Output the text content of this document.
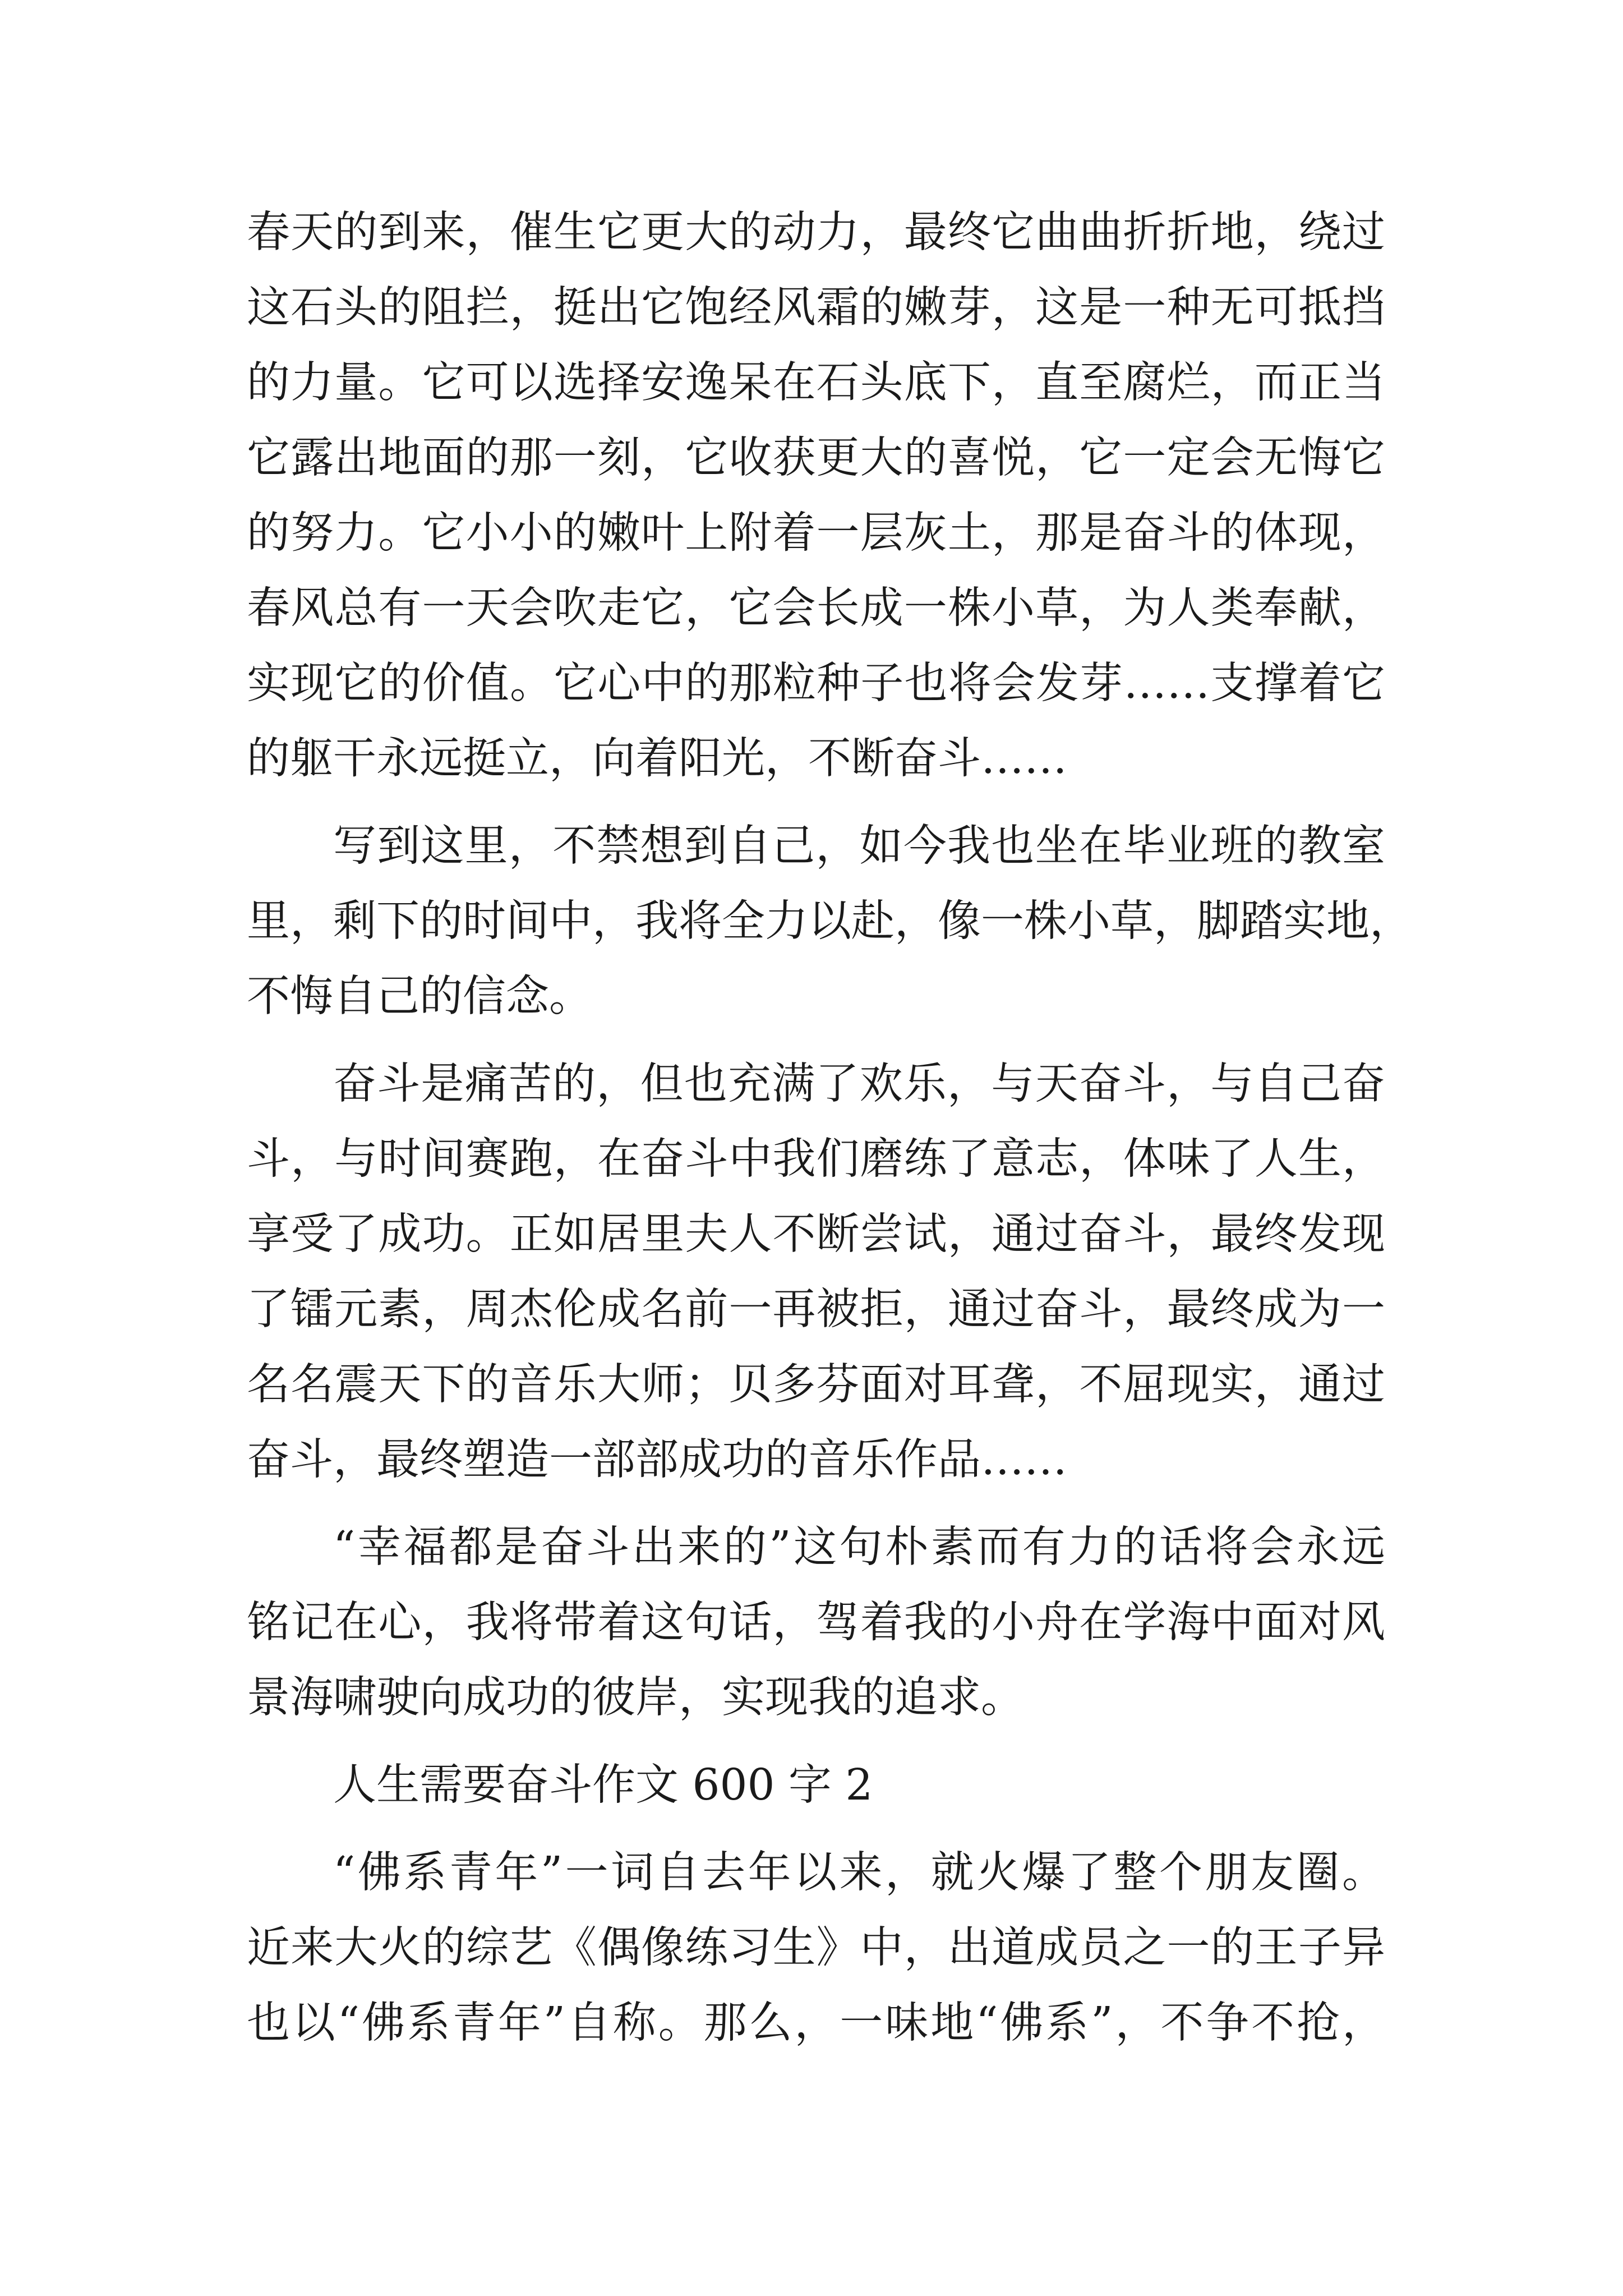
春天的到来，催生它更大的动力，最终它曲曲折折地，绕过
这石头的阻拦，挺出它饱经风霜的嫩芽，这是一种无可抵挡
的力量。它可以选择安逸呆在石头底下，直至腐烂，而正当
它露出地面的那一刻，它收获更大的喜悦，它一定会无悔它
的努力。它小小的嫩叶上附着一层灰土，那是奋斗的体现，
春风总有一天会吹走它，它会长成一株小草，为人类奉献，
实现它的价值。它心中的那粒种子也将会发芽……支撑着它
的躯干永远挺立，向着阳光，不断奋斗……
写到这里，不禁想到自己，如今我也坐在毕业班的教室
里，剩下的时间中，我将全力以赴，像一株小草，脚踏实地，
不悔自己的信念。
奋斗是痛苦的，但也充满了欢乐，与天奋斗，与自己奋
斗，与时间赛跑，在奋斗中我们磨练了意志，体味了人生，
享受了成功。正如居里夫人不断尝试，通过奋斗，最终发现
了镭元素，周杰伦成名前一再被拒，通过奋斗，最终成为一
名名震天下的音乐大师；贝多芬面对耳聋，不屈现实，通过
奋斗，最终塑造一部部成功的音乐作品……
“幸福都是奋斗出来的”这句朴素而有力的话将会永远
铭记在心，我将带着这句话，驾着我的小舟在学海中面对风
景海啸驶向成功的彼岸，实现我的追求。
人生需要奋斗作文 600 字 2
“佛系青年”一词自去年以来，就火爆了整个朋友圈。
近来大火的综艺《偶像练习生》中，出道成员之一的王子异
也以“佛系青年”自称。那么，一味地“佛系”，不争不抢，
